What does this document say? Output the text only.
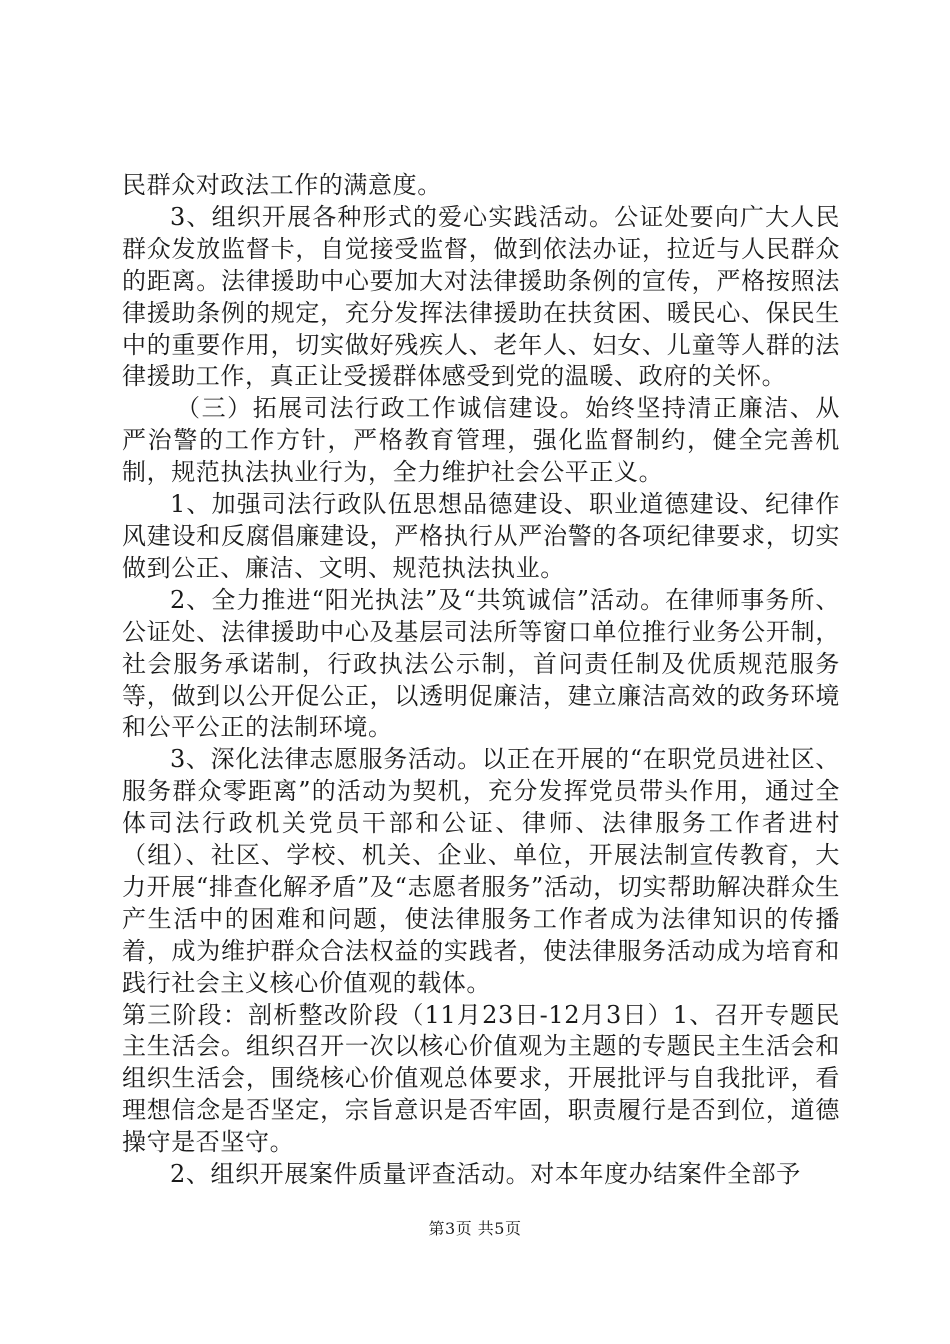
民群众对政法工作的满意度。

3、组织开展各种形式的爱心实践活动。公证处要向广大人民群众发放监督卡，自觉接受监督，做到依法办证，拉近与人民群众的距离。法律援助中心要加大对法律援助条例的宣传，严格按照法律援助条例的规定，充分发挥法律援助在扶贫困、暖民心、保民生中的重要作用，切实做好残疾人、老年人、妇女、儿童等人群的法律援助工作，真正让受援群体感受到党的温暖、政府的关怀。

（三）拓展司法行政工作诚信建设。始终坚持清正廉洁、从严治警的工作方针，严格教育管理，强化监督制约，健全完善机制，规范执法执业行为，全力维护社会公平正义。

1、加强司法行政队伍思想品德建设、职业道德建设、纪律作风建设和反腐倡廉建设，严格执行从严治警的各项纪律要求，切实做到公正、廉洁、文明、规范执法执业。

2、全力推进“阳光执法”及“共筑诚信”活动。在律师事务所、公证处、法律援助中心及基层司法所等窗口单位推行业务公开制，社会服务承诺制，行政执法公示制，首问责任制及优质规范服务等，做到以公开促公正，以透明促廉洁，建立廉洁高效的政务环境和公平公正的法制环境。

3、深化法律志愿服务活动。以正在开展的“在职党员进社区、服务群众零距离”的活动为契机，充分发挥党员带头作用，通过全体司法行政机关党员干部和公证、律师、法律服务工作者进村（组）、社区、学校、机关、企业、单位，开展法制宣传教育，大力开展“排查化解矛盾”及“志愿者服务”活动，切实帮助解决群众生产生活中的困难和问题，使法律服务工作者成为法律知识的传播着，成为维护群众合法权益的实践者，使法律服务活动成为培育和践行社会主义核心价值观的载体。

第三阶段：剖析整改阶段（11月23日-12月3日）1、召开专题民主生活会。组织召开一次以核心价值观为主题的专题民主生活会和组织生活会，围绕核心价值观总体要求，开展批评与自我批评，看理想信念是否坚定，宗旨意识是否牢固，职责履行是否到位，道德操守是否坚守。

2、组织开展案件质量评查活动。对本年度办结案件全部予

第3页 共5页
